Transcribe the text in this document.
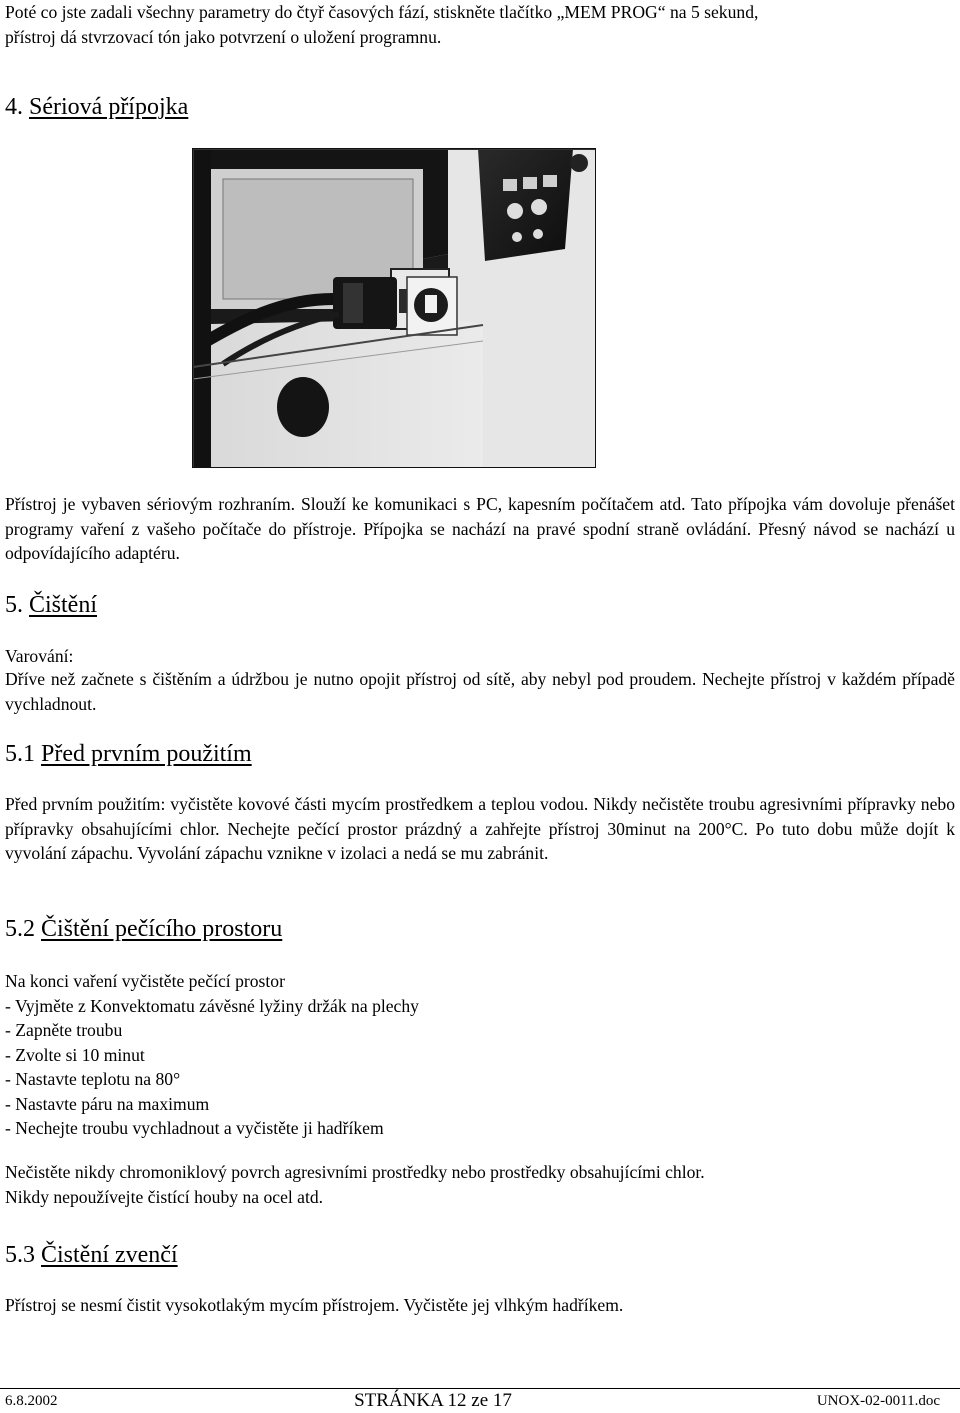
Poté co jste zadali všechny parametry do čtyř časových fází, stiskněte tlačítko „MEM PROG“ na 5 sekund,
přístroj dá stvrzovací tón jako potvrzení o uložení programnu.
4. Sériová přípojka

Přístroj je vybaven sériovým rozhraním. Slouží ke komunikaci s PC, kapesním počítačem atd. Tato přípojka vám dovoluje přenášet programy vaření z vašeho počítače do přístroje. Přípojka se nachází na pravé spodní straně ovládání. Přesný návod se nachází u odpovídajícího adaptéru.

5. Čištění
Varování:

Dříve než začnete s čištěním a údržbou je nutno opojit přístroj od sítě, aby nebyl pod proudem. Nechejte přístroj v každém případě vychladnout.

5.1 Před prvním použitím

Před prvním použitím: vyčistěte kovové části mycím prostředkem a teplou vodou. Nikdy nečistěte troubu agresivními přípravky nebo přípravky obsahujícími chlor. Nechejte pečící prostor prázdný a zahřejte přístroj 30minut na 200°C. Po tuto dobu může dojít k vyvolání zápachu. Vyvolání zápachu vznikne v izolaci a nedá se mu zabránit.

5.2 Čištění pečícího prostoru
Na konci vaření vyčistěte pečící prostor
- Vyjměte z Konvektomatu závěsné lyžiny držák na plechy
- Zapněte troubu
- Zvolte si 10 minut
- Nastavte teplotu na 80°
- Nastavte páru na maximum
- Nechejte troubu vychladnout a vyčistěte ji hadříkem
Nečistěte nikdy chromoniklový povrch agresivními prostředky nebo prostředky obsahujícími chlor.
Nikdy nepoužívejte čistící houby na ocel atd.
5.3 Čistění zvenčí

Přístroj se nesmí čistit vysokotlakým mycím přístrojem. Vyčistěte jej vlhkým hadříkem.

6.8.2002	STRÁNKA 12 ze 17	UNOX-02-0011.doc
